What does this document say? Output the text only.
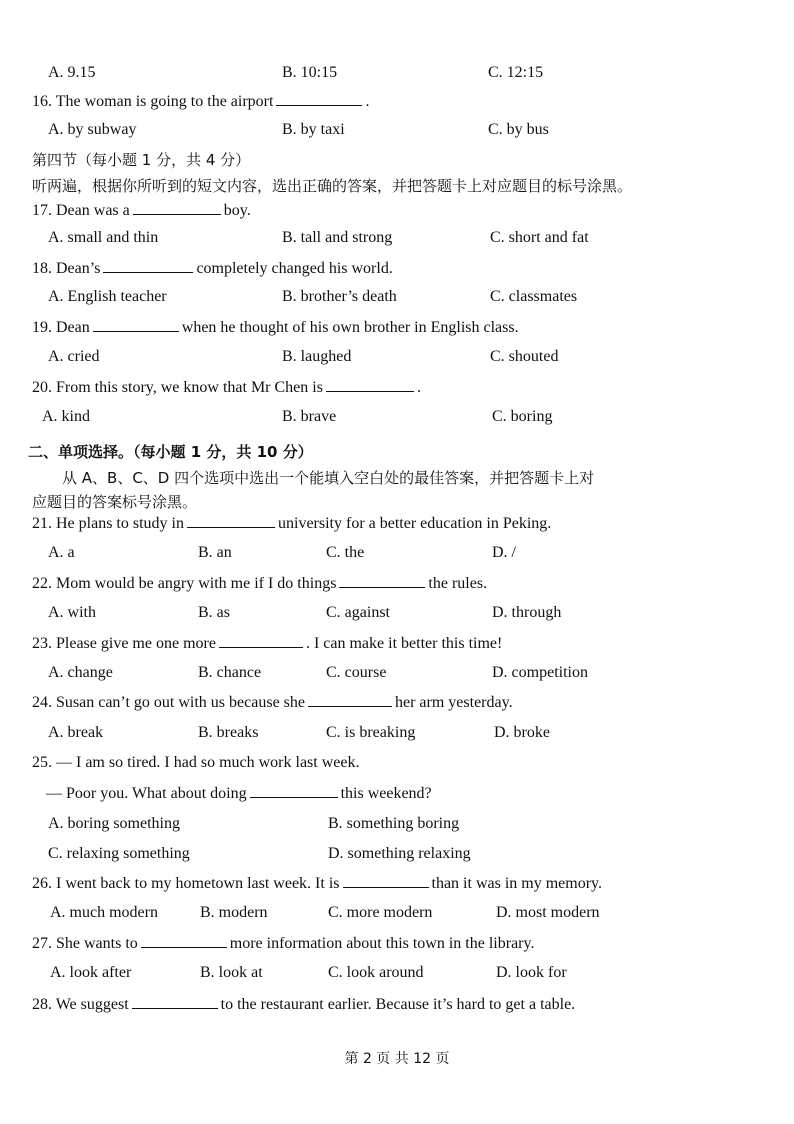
A. 9.15	B. 10:15	C. 12:15
16. The woman is going to the airport	.
A. by subway	B. by taxi	C. by bus
第四节（每小题 1 分，共 4 分）
听两遍，根据你所听到的短文内容，选出正确的答案，并把答题卡上对应题目的标号涂黑。
17. Dean was a	boy.
A. small and thin	B. tall and strong	C. short and fat
18. Dean’s	completely changed his world.
A. English teacher	B. brother’s death	C. classmates
19. Dean	when he thought of his own brother in English class.
A. cried	B. laughed	C. shouted
20. From this story, we know that Mr Chen is	.
A. kind	B. brave	C. boring
二、单项选择。（每小题 1 分，共 10 分）
从 A、B、C、D 四个选项中选出一个能填入空白处的最佳答案，并把答题卡上对
应题目的答案标号涂黑。
21. He plans to study in	university for a better education in Peking.
A. a	B. an	C. the	D. /
22. Mom would be angry with me if I do things	the rules.
A. with	B. as	C. against	D. through
23. Please give me one more	. I can make it better this time!
A. change	B. chance	C. course	D. competition
24. Susan can’t go out with us because she	her arm yesterday.
A. break	B. breaks	C. is breaking	D. broke
25. — I am so tired. I had so much work last week.
— Poor you. What about doing	this weekend?
A. boring something	B. something boring
C. relaxing something	D. something relaxing
26. I went back to my hometown last week. It is	than it was in my memory.
A. much modern	B. modern	C. more modern	D. most modern
27. She wants to	more information about this town in the library.
A. look after	B. look at	C. look around	D. look for
28. We suggest	to the restaurant earlier. Because it’s hard to get a table.
第 2 页 共 12 页
